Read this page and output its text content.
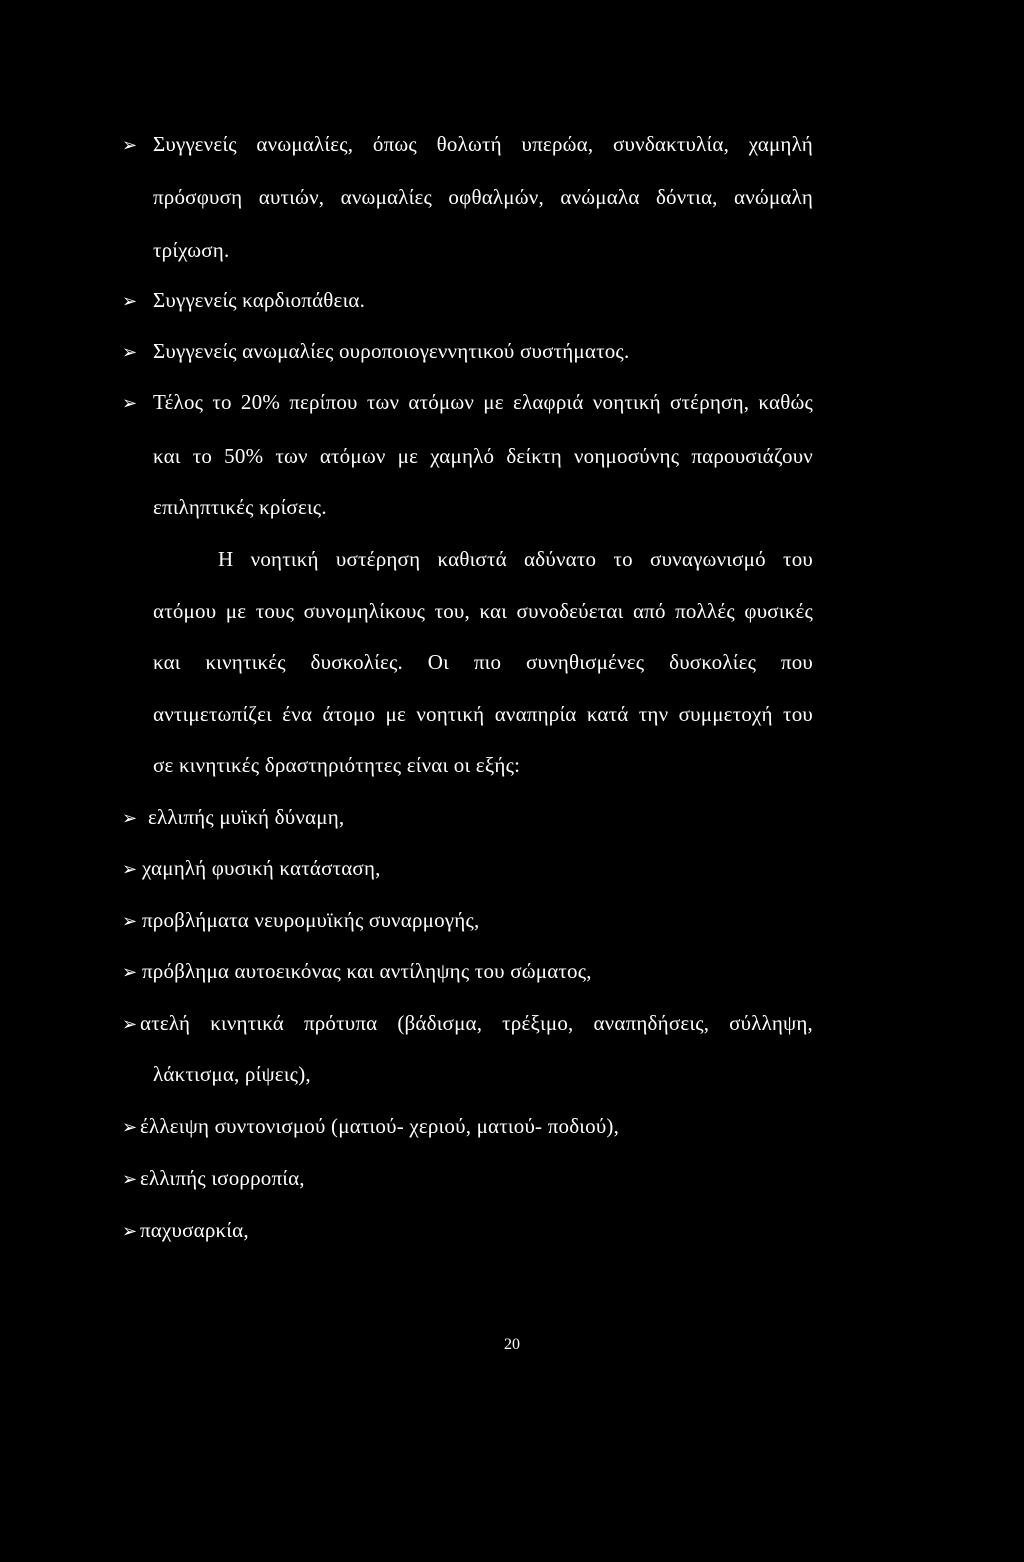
➢ Συγγενείς ανωμαλίες, όπως θολωτή υπερώα, συνδακτυλία, χαμηλή
πρόσφυση αυτιών, ανωμαλίες οφθαλμών, ανώμαλα δόντια, ανώμαλη
τρίχωση.
➢ Συγγενείς καρδιοπάθεια.
➢ Συγγενείς ανωμαλίες ουροποιογεννητικού συστήματος.
➢ Τέλος το 20% περίπου των ατόμων με ελαφριά νοητική στέρηση, καθώς
και το 50% των ατόμων με χαμηλό δείκτη νοημοσύνης παρουσιάζουν
επιληπτικές κρίσεις.
Η νοητική υστέρηση καθιστά αδύνατο το συναγωνισμό του
ατόμου με τους συνομηλίκους του, και συνοδεύεται από πολλές φυσικές
και κινητικές δυσκολίες. Οι πιο συνηθισμένες δυσκολίες που
αντιμετωπίζει ένα άτομο με νοητική αναπηρία κατά την συμμετοχή του
σε κινητικές δραστηριότητες είναι οι εξής:
➢ ελλιπής μυϊκή δύναμη,
➢ χαμηλή φυσική κατάσταση,
➢ προβλήματα νευρομυϊκής συναρμογής,
➢ πρόβλημα αυτοεικόνας και αντίληψης του σώματος,
➢ ατελή κινητικά πρότυπα (βάδισμα, τρέξιμο, αναπηδήσεις, σύλληψη,
λάκτισμα, ρίψεις),
➢ έλλειψη συντονισμού (ματιού- χεριού, ματιού- ποδιού),
➢ ελλιπής ισορροπία,
➢ παχυσαρκία,
20
